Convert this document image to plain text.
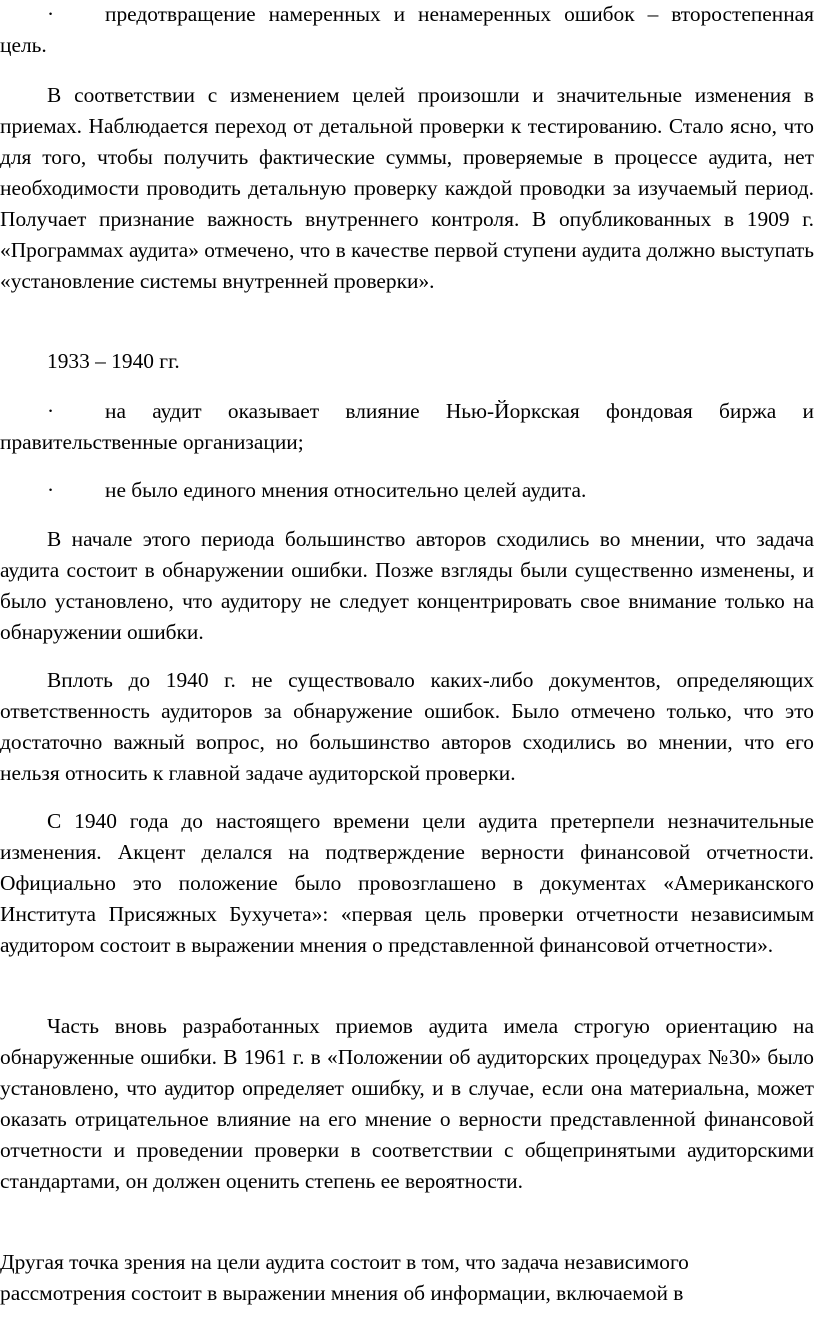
· предотвращение намеренных и ненамеренных ошибок – второстепенная цель.

В соответствии с изменением целей произошли и значительные изменения в приемах. Наблюдается переход от детальной проверки к тестированию. Стало ясно, что для того, чтобы получить фактические суммы, проверяемые в процессе аудита, нет необходимости проводить детальную проверку каждой проводки за изучаемый период. Получает признание важность внутреннего контроля. В опубликованных в 1909 г. «Программах аудита» отмечено, что в качестве первой ступени аудита должно выступать «установление системы внутренней проверки».

1933 – 1940 гг.

· на аудит оказывает влияние Нью-Йоркская фондовая биржа и правительственные организации;

· не было единого мнения относительно целей аудита.

В начале этого периода большинство авторов сходились во мнении, что задача аудита состоит в обнаружении ошибки. Позже взгляды были существенно изменены, и было установлено, что аудитору не следует концентрировать свое внимание только на обнаружении ошибки.

Вплоть до 1940 г. не существовало каких-либо документов, определяющих ответственность аудиторов за обнаружение ошибок. Было отмечено только, что это достаточно важный вопрос, но большинство авторов сходились во мнении, что его нельзя относить к главной задаче аудиторской проверки.

С 1940 года до настоящего времени цели аудита претерпели незначительные изменения. Акцент делался на подтверждение верности финансовой отчетности. Официально это положение было провозглашено в документах «Американского Института Присяжных Бухучета»: «первая цель проверки отчетности независимым аудитором состоит в выражении мнения о представленной финансовой отчетности».

Часть вновь разработанных приемов аудита имела строгую ориентацию на обнаруженные ошибки. В 1961 г. в «Положении об аудиторских процедурах №30» было установлено, что аудитор определяет ошибку, и в случае, если она материальна, может оказать отрицательное влияние на его мнение о верности представленной финансовой отчетности и проведении проверки в соответствии с общепринятыми аудиторскими стандартами, он должен оценить степень ее вероятности.

Другая точка зрения на цели аудита состоит в том, что задача независимого рассмотрения состоит в выражении мнения об информации, включаемой в
